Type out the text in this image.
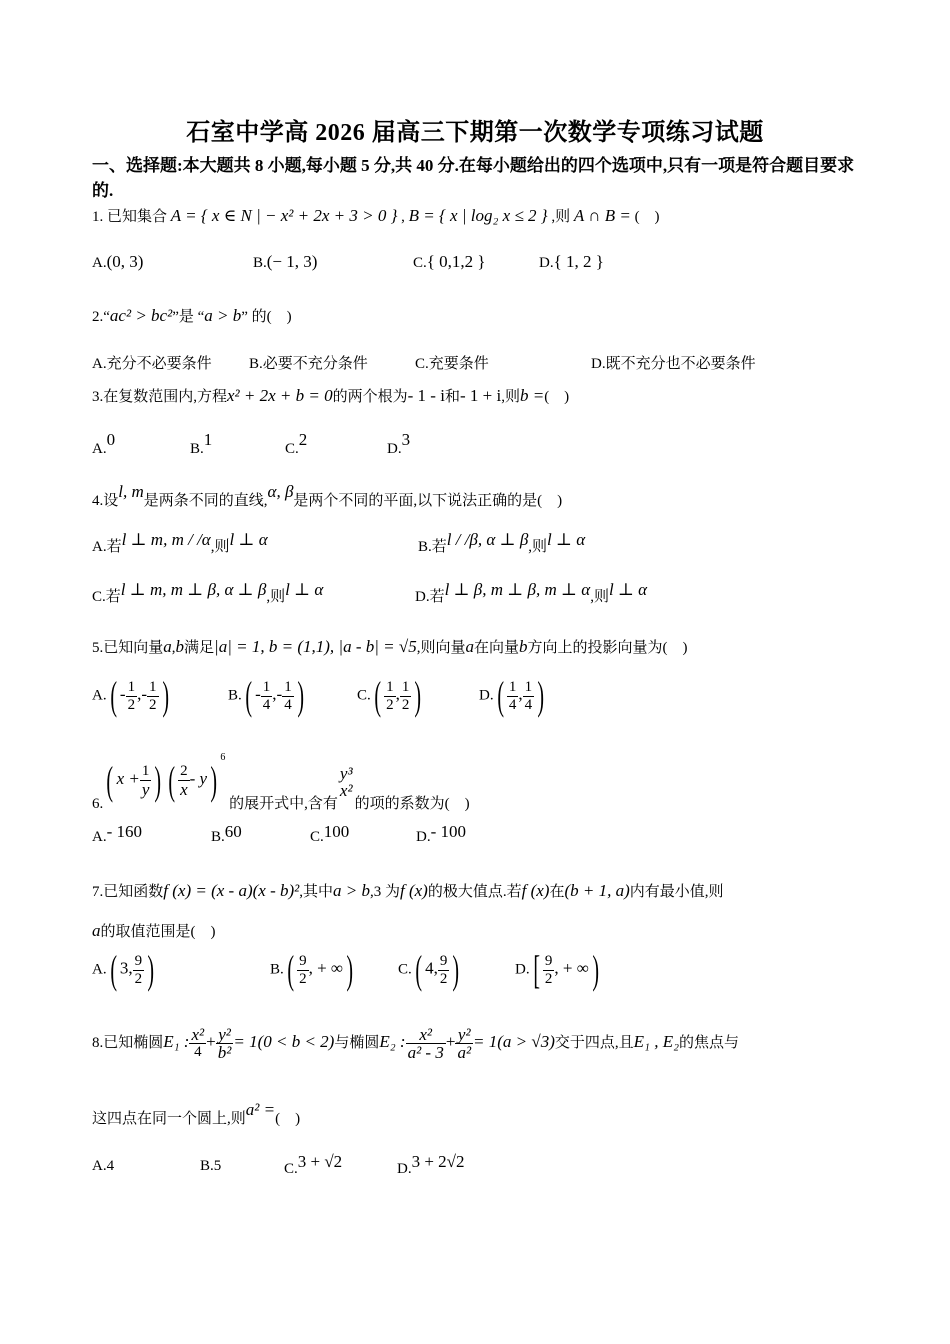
石室中学高 2026 届高三下期第一次数学专项练习试题
一、选择题:本大题共 8 小题,每小题 5 分,共 40 分.在每小题给出的四个选项中,只有一项是符合题目要求的.
1. 已知集合 A = { x ∈ N | − x² + 2x + 3 > 0 } , B = { x | log₂ x ≤ 2 } ,则 A ∩ B = (　)
A.(0, 3)	B.(− 1, 3)	C.{ 0,1,2 }	D.{ 1, 2 }
2.“ac² > bc²”是 “a > b” 的(　)
A.充分不必要条件 B.必要不充分条件	C.充要条件	D.既不充分也不必要条件
3.在复数范围内,方程x² + 2x + b = 0的两个根为- 1 - i和- 1 + i,则b =(　)
A.0	B.1	C.2	D.3
4.设l, m是两条不同的直线,α, β是两个不同的平面,以下说法正确的是(　)
A.若l ⊥ m, m / /α,则l ⊥ α	B.若l / /β, α ⊥ β,则l ⊥ α
C.若l ⊥ m, m ⊥ β, α ⊥ β,则l ⊥ α	D.若l ⊥ β, m ⊥ β, m ⊥ α,则l ⊥ α
5.已知向量a,b满足|a| = 1, b = (1,1), |a - b| = √5,则向量a在向量b方向上的投影向量为(　)
$A.( - \frac{1}{2}$ ,- $\frac{1}{2}$ )	$B.( - \frac{1}{4}$ ,- $\frac{1}{4}$ )	$C.( \frac{1}{2}$ , $\frac{1}{2}$ )	$D.( \frac{1}{4}$ , $\frac{1}{4}$ )
6.( $x + \frac{1}{y}$ ) ( $\frac{2}{x} - y)^6$ 的展开式中,含有
y³
x²
的项的系数为(　)
A.- 160	B.60	C.100	D.- 100
7.已知函数f (x) = (x - a)(x - b)²,其中a > b,3 为f (x)的极大值点.若f (x)在(b + 1, a)内有最小值,则
a的取值范围是(　)
A.( 3, $\frac{9}{2}$ )	$B.( \frac{9}{2}$ , + ∞)	C.( 4, $\frac{9}{2}$ )	$D.[ \frac{9}{2}$ , + ∞)
8.已知椭圆E₁ : $\frac{\text{x²}}{4} + \frac{\text{y²}}{\text{b²}} = 1(0 < b < 2)$与椭圆E₂ : $\frac{\text{x²}}{\text{a² - 3}} + \frac{\text{y²}}{\text{a²}} = 1(a > √3)$交于四点,且E₁ , E₂的焦点与
这四点在同一个圆上,则a² =(　)
A.4	B.5	C.3 + √2	D.3 + 2√2
